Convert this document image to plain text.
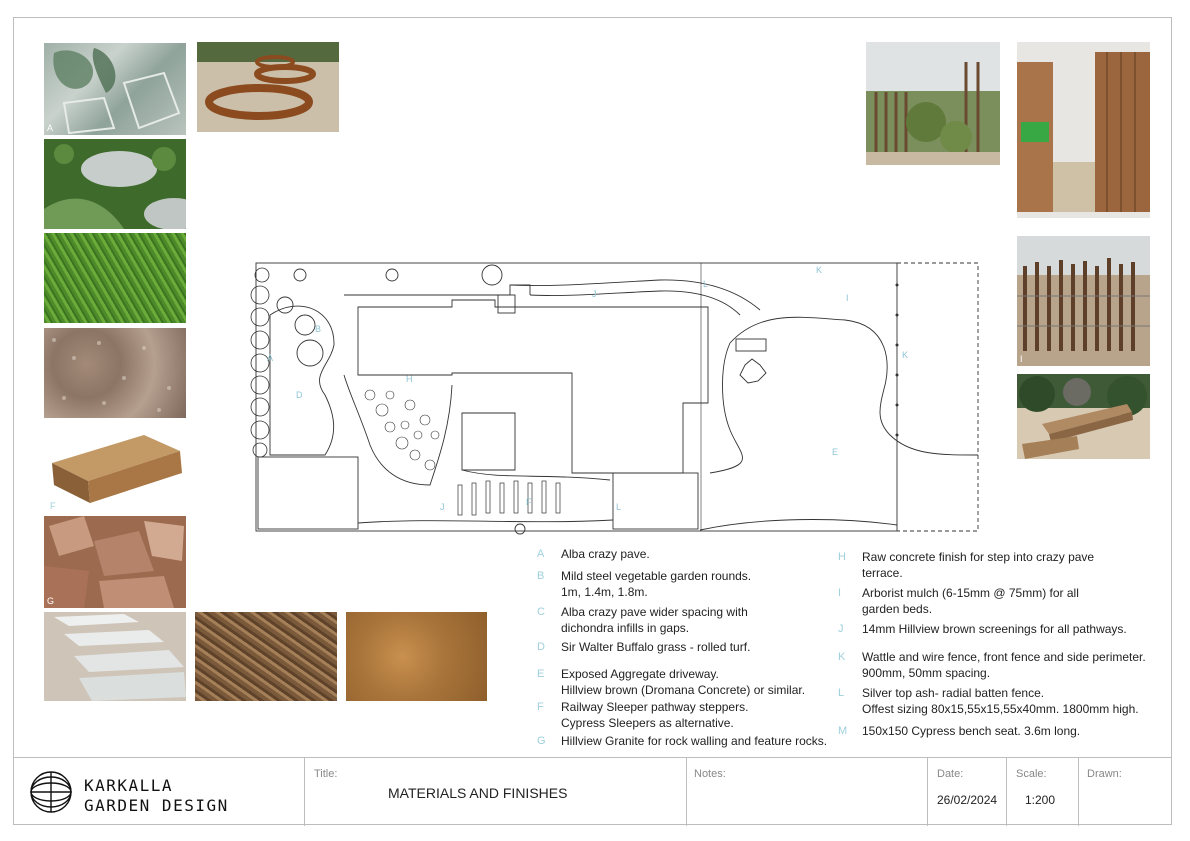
A
F
G
I
B
A
D
H
J
J	F
L
L
K
K
I
E
A Alba crazy pave.
B Mild steel vegetable garden rounds.
1m, 1.4m, 1.8m.
C Alba crazy pave wider spacing with
dichondra infills in gaps.
D Sir Walter Buffalo grass - rolled turf.
E Exposed Aggregate driveway.
Hillview brown (Dromana Concrete) or similar.
F Railway Sleeper pathway steppers.
Cypress Sleepers as alternative.
G Hillview Granite for rock walling and feature rocks.
H Raw concrete finish for step into crazy pave
terrace.
I Arborist mulch (6-15mm @ 75mm) for all
garden beds.
J 14mm Hillview brown screenings for all pathways.
K Wattle and wire fence, front fence and side perimeter.
900mm, 50mm spacing.
L Silver top ash- radial batten fence.
Offest sizing 80x15,55x15,55x40mm. 1800mm high.
M 150x150 Cypress bench seat. 3.6m long.
KARKALLA
GARDEN DESIGN
Title:
MATERIALS AND FINISHES
Notes:	Date:
26/02/2024
Scale:
1:200
Drawn:
